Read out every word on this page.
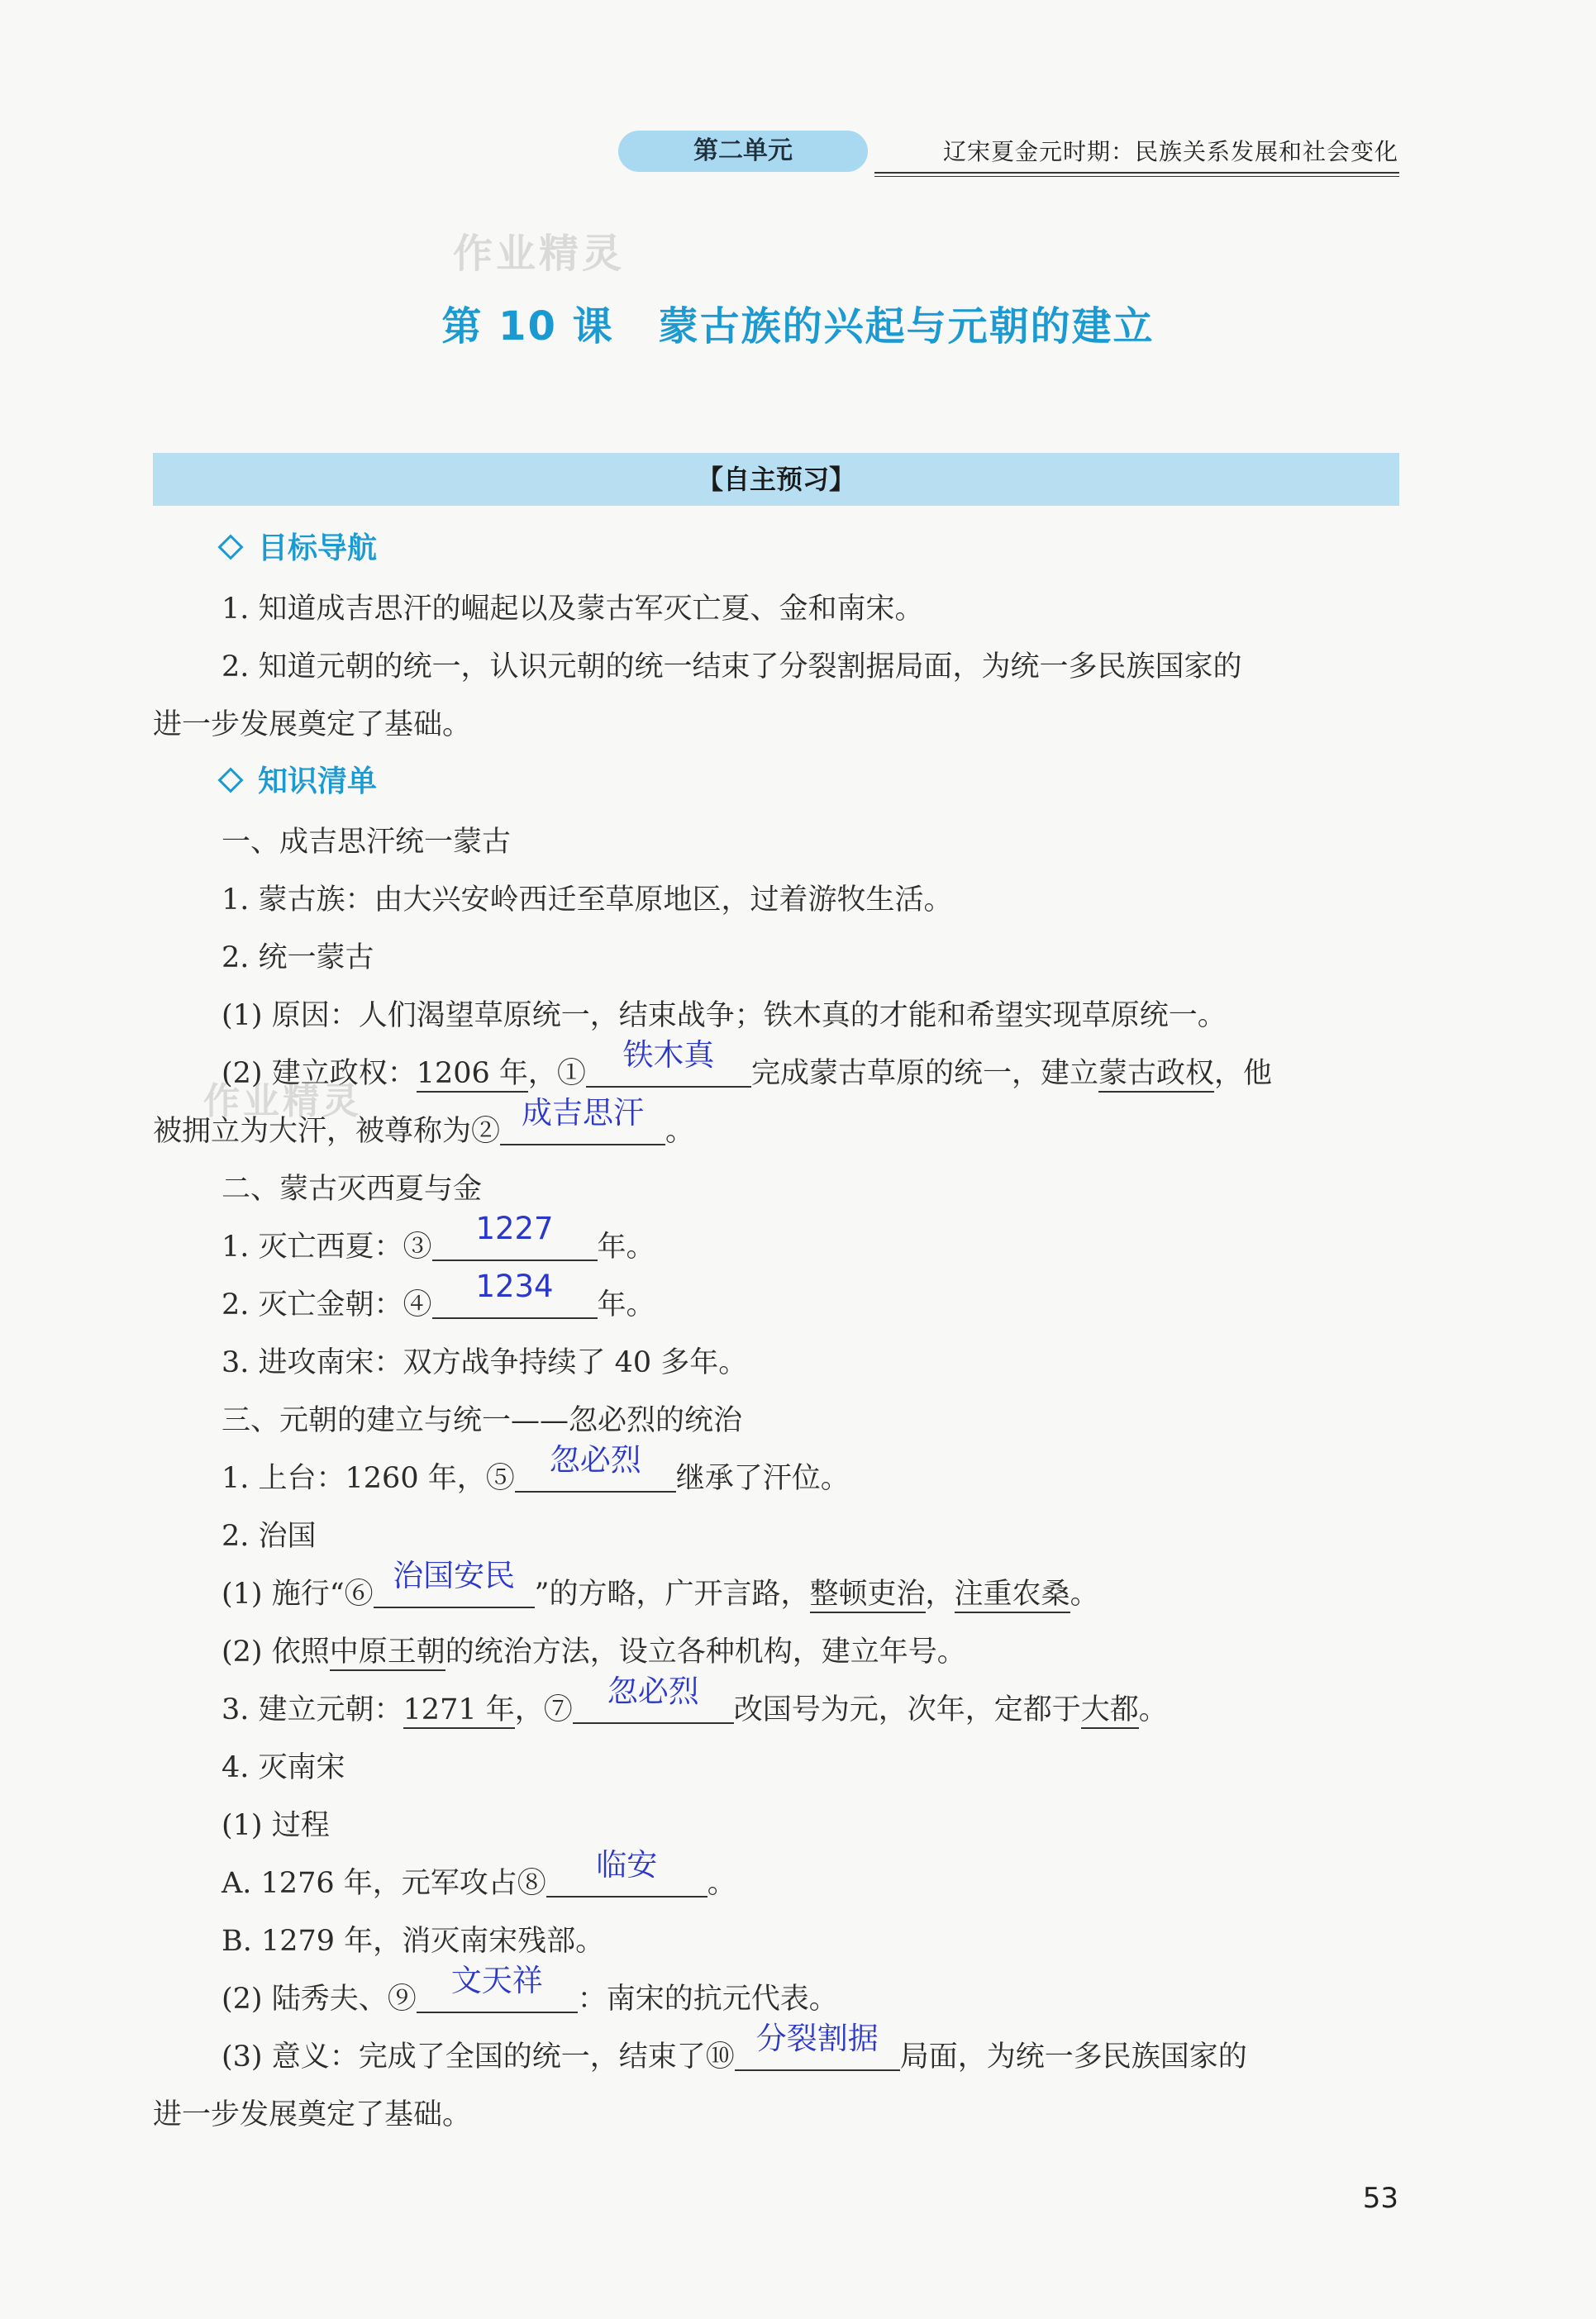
第二单元	辽宋夏金元时期：民族关系发展和社会变化
作业精灵
作业精灵
第 10 课 蒙古族的兴起与元朝的建立
【自主预习】
目标导航
1. 知道成吉思汗的崛起以及蒙古军灭亡夏、金和南宋。
2. 知道元朝的统一，认识元朝的统一结束了分裂割据局面，为统一多民族国家的
进一步发展奠定了基础。
知识清单
一、成吉思汗统一蒙古
1. 蒙古族：由大兴安岭西迁至草原地区，过着游牧生活。
2. 统一蒙古
(1) 原因：人们渴望草原统一，结束战争；铁木真的才能和希望实现草原统一。
(2) 建立政权：1206 年，①
铁木真
完成蒙古草原的统一，建立蒙古政权，他
被拥立为大汗，被尊称为②
成吉思汗
。
二、蒙古灭西夏与金
1. 灭亡西夏：③
1227
年。
2. 灭亡金朝：④
1234
年。
3. 进攻南宋：双方战争持续了 40 多年。
三、元朝的建立与统一——忽必烈的统治
1. 上台：1260 年，⑤
忽必烈
继承了汗位。
2. 治国
(1) 施行“⑥
治国安民
”的方略，广开言路，整顿吏治，注重农桑。
(2) 依照中原王朝的统治方法，设立各种机构，建立年号。
3. 建立元朝：1271 年，⑦
忽必烈
改国号为元，次年，定都于大都。
4. 灭南宋
(1) 过程
A. 1276 年，元军攻占⑧
临安
。
B. 1279 年，消灭南宋残部。
(2) 陆秀夫、⑨
文天祥
：南宋的抗元代表。
(3) 意义：完成了全国的统一，结束了⑩
分裂割据
局面，为统一多民族国家的
进一步发展奠定了基础。
53
